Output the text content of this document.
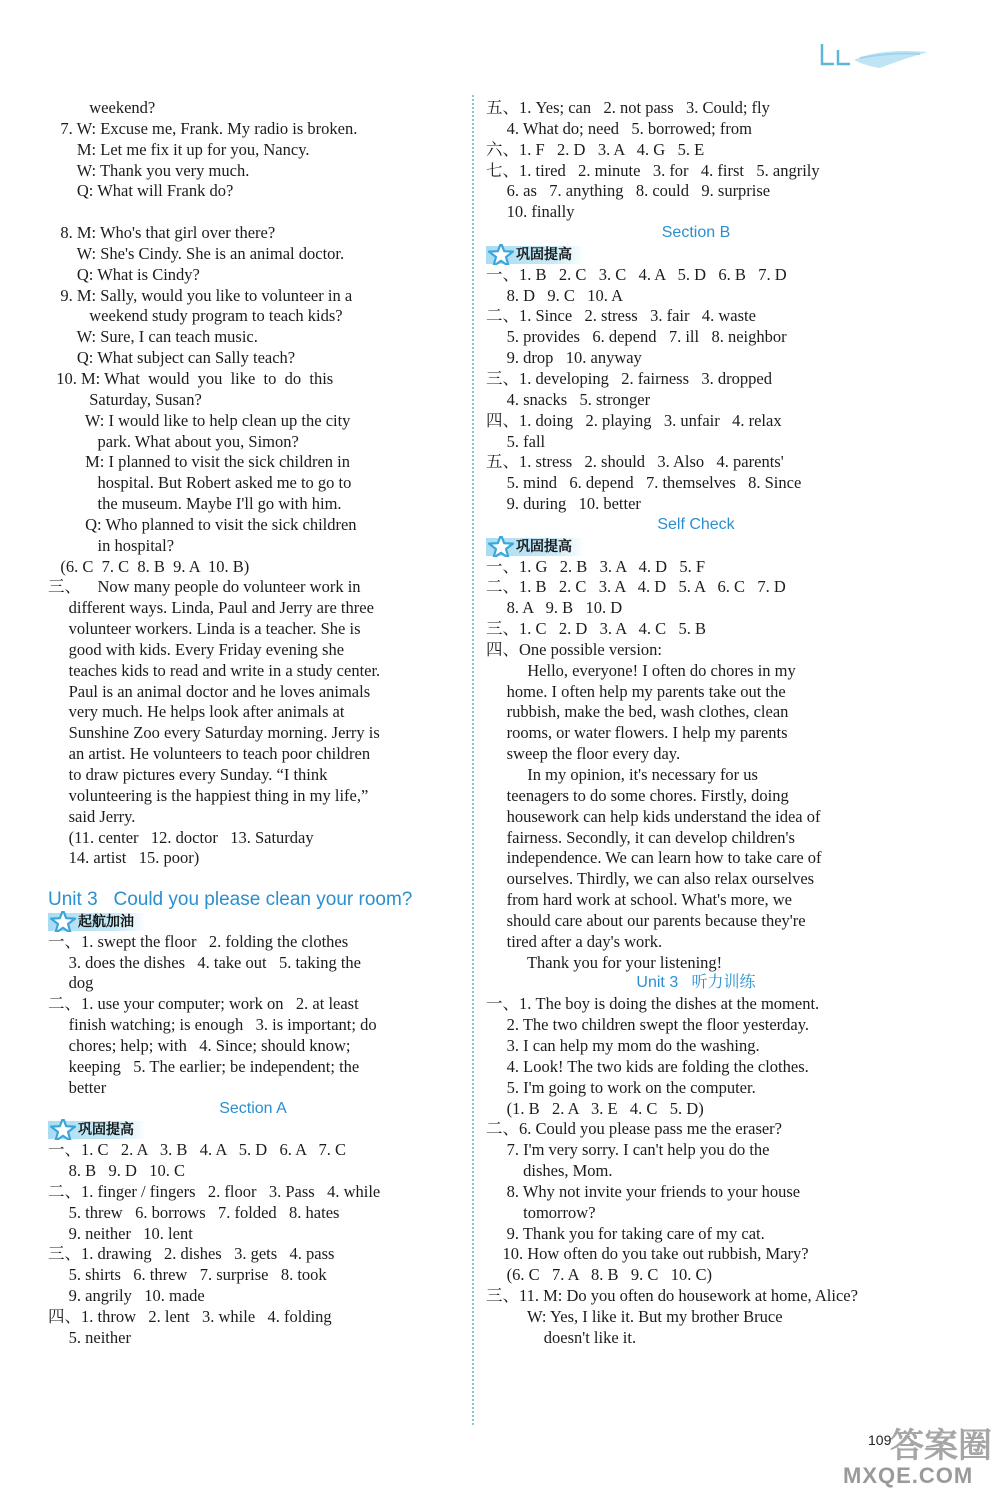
weekend?
7. W: Excuse me, Frank. My radio is broken.
M: Let me fix it up for you, Nancy.
W: Thank you very much.
Q: What will Frank do?
8. M: Who's that girl over there?
W: She's Cindy. She is an animal doctor.
Q: What is Cindy?
9. M: Sally, would you like to volunteer in a
weekend study program to teach kids?
W: Sure, I can teach music.
Q: What subject can Sally teach?
10. M: What  would  you  like  to  do  this
Saturday, Susan?
W: I would like to help clean up the city
park. What about you, Simon?
M: I planned to visit the sick children in
hospital. But Robert asked me to go to
the museum. Maybe I'll go with him.
Q: Who planned to visit the sick children
in hospital?
(6. C  7. C  8. B  9. A  10. B)
三、    Now many people do volunteer work in
different ways. Linda, Paul and Jerry are three
volunteer workers. Linda is a teacher. She is
good with kids. Every Friday evening she
teaches kids to read and write in a study center.
Paul is an animal doctor and he loves animals
very much. He helps look after animals at
Sunshine Zoo every Saturday morning. Jerry is
an artist. He volunteers to teach poor children
to draw pictures every Sunday. “I think
volunteering is the happiest thing in my life,”
said Jerry.
(11. center   12. doctor   13. Saturday
14. artist   15. poor)
Unit 3   Could you please clean your room?
起航加油
一、1. swept the floor   2. folding the clothes
3. does the dishes   4. take out   5. taking the
dog
二、1. use your computer; work on   2. at least
finish watching; is enough   3. is important; do
chores; help; with   4. Since; should know;
keeping   5. The earlier; be independent; the
better
Section A
巩固提高
一、1. C   2. A   3. B   4. A   5. D   6. A   7. C
8. B   9. D   10. C
二、1. finger / fingers   2. floor   3. Pass   4. while
5. threw   6. borrows   7. folded   8. hates
9. neither   10. lent
三、1. drawing   2. dishes   3. gets   4. pass
5. shirts   6. threw   7. surprise   8. took
9. angrily   10. made
四、1. throw   2. lent   3. while   4. folding
5. neither
五、1. Yes; can   2. not pass   3. Could; fly
4. What do; need   5. borrowed; from
六、1. F   2. D   3. A   4. G   5. E
七、1. tired   2. minute   3. for   4. first   5. angrily
6. as   7. anything   8. could   9. surprise
10. finally
Section B
巩固提高
一、1. B   2. C   3. C   4. A   5. D   6. B   7. D
8. D   9. C   10. A
二、1. Since   2. stress   3. fair   4. waste
5. provides   6. depend   7. ill   8. neighbor
9. drop   10. anyway
三、1. developing   2. fairness   3. dropped
4. snacks   5. stronger
四、1. doing   2. playing   3. unfair   4. relax
5. fall
五、1. stress   2. should   3. Also   4. parents'
5. mind   6. depend   7. themselves   8. Since
9. during   10. better
Self Check
巩固提高
一、1. G   2. B   3. A   4. D   5. F
二、1. B   2. C   3. A   4. D   5. A   6. C   7. D
8. A   9. B   10. D
三、1. C   2. D   3. A   4. C   5. B
四、One possible version:
Hello, everyone! I often do chores in my
home. I often help my parents take out the
rubbish, make the bed, wash clothes, clean
rooms, or water flowers. I help my parents
sweep the floor every day.
In my opinion, it's necessary for us
teenagers to do some chores. Firstly, doing
housework can help kids understand the idea of
fairness. Secondly, it can develop children's
independence. We can learn how to take care of
ourselves. Thirdly, we can also relax ourselves
from hard work at school. What's more, we
should care about our parents because they're
tired after a day's work.
Thank you for your listening!
Unit 3   听力训练
一、1. The boy is doing the dishes at the moment.
2. The two children swept the floor yesterday.
3. I can help my mom do the washing.
4. Look! The two kids are folding the clothes.
5. I'm going to work on the computer.
(1. B   2. A   3. E   4. C   5. D)
二、6. Could you please pass me the eraser?
7. I'm very sorry. I can't help you do the
dishes, Mom.
8. Why not invite your friends to your house
tomorrow?
9. Thank you for taking care of my cat.
10. How often do you take out rubbish, Mary?
(6. C   7. A   8. B   9. C   10. C)
三、11. M: Do you often do housework at home, Alice?
W: Yes, I like it. But my brother Bruce
doesn't like it.
答案圈
MXQE.COM
109
